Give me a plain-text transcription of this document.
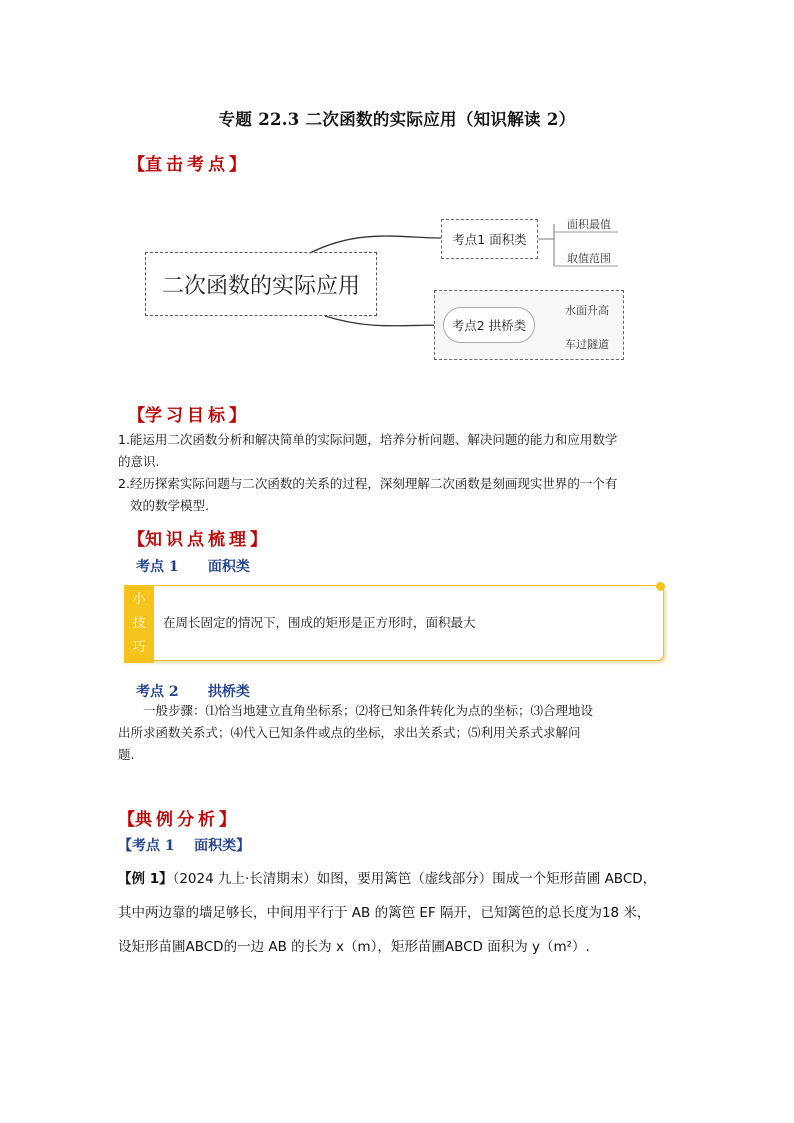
专题 22.3 二次函数的实际应用（知识解读 2）
【直击考点】
二次函数的实际应用
考点1 面积类
面积最值
取值范围
考点2 拱桥类
水面升高
车过隧道
【学习目标】
1.能运用二次函数分析和解决简单的实际问题，培养分析问题、解决问题的能力和应用数学
的意识.
2.经历探索实际问题与二次函数的关系的过程，深刻理解二次函数是刻画现实世界的一个有
效的数学模型.
【知识点梳理】
考点 1      面积类
小
技
巧
在周长固定的情况下，围成的矩形是正方形时，面积最大
考点 2      拱桥类
一般步骤：⑴恰当地建立直角坐标系；⑵将已知条件转化为点的坐标；⑶合理地设
出所求函数关系式；⑷代入已知条件或点的坐标，求出关系式；⑸利用关系式求解问
题.
【典例分析】
【考点 1    面积类】
【例 1】（2024 九上·长清期末）如图，要用篱笆（虚线部分）围成一个矩形苗圃 ABCD，
其中两边靠的墙足够长，中间用平行于 AB 的篱笆 EF 隔开，已知篱笆的总长度为18 米，
设矩形苗圃ABCD的一边 AB 的长为 x（m），矩形苗圃ABCD 面积为 y（m²）.
